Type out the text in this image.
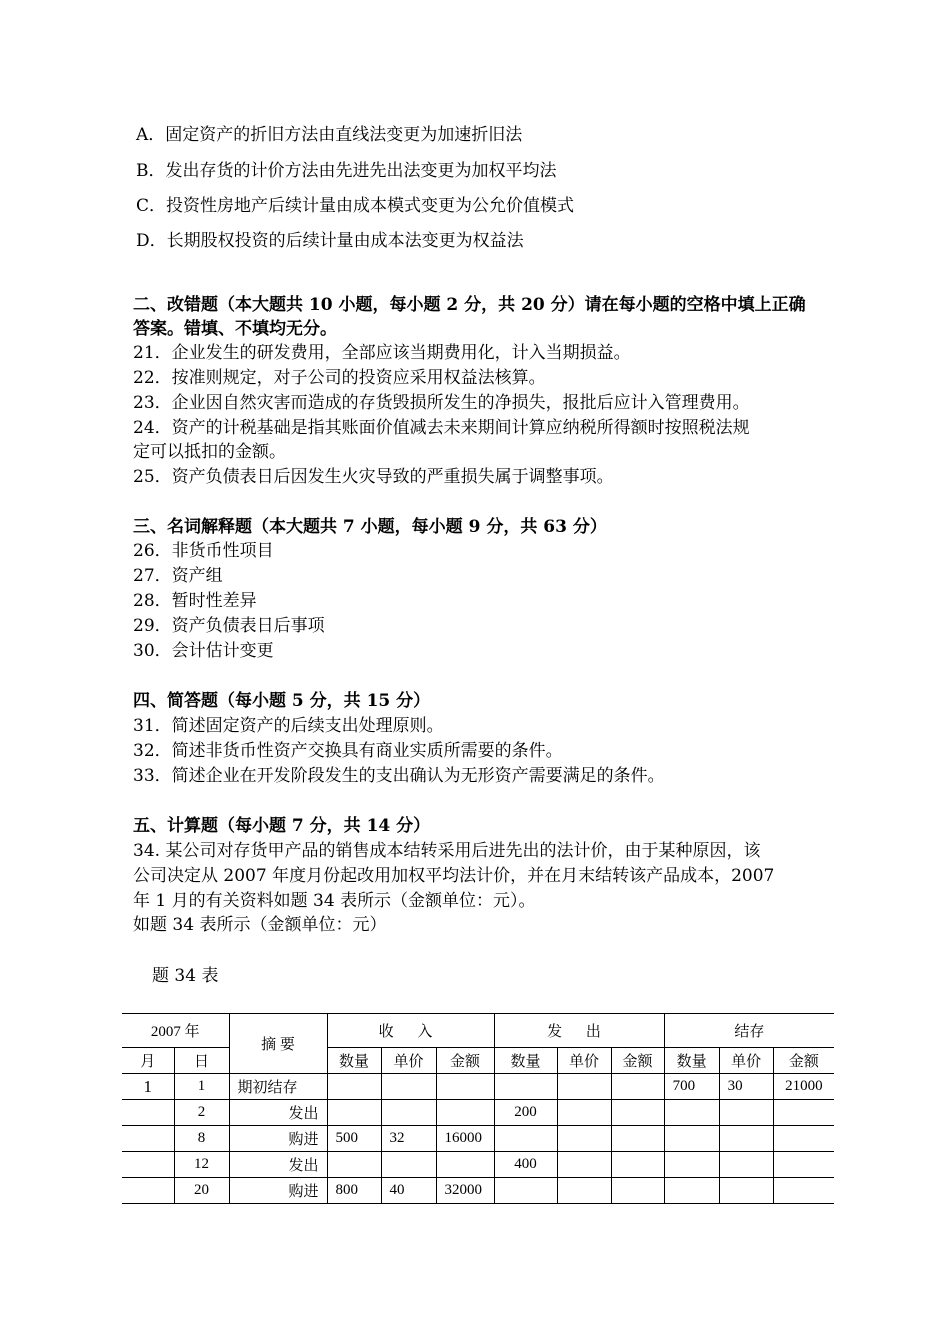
A．固定资产的折旧方法由直线法变更为加速折旧法
B．发出存货的计价方法由先进先出法变更为加权平均法
C．投资性房地产后续计量由成本模式变更为公允价值模式
D．长期股权投资的后续计量由成本法变更为权益法
二、改错题（本大题共 10 小题，每小题 2 分，共 20 分）请在每小题的空格中填上正确
答案。错填、不填均无分。
21．企业发生的研发费用，全部应该当期费用化，计入当期损益。
22．按准则规定，对子公司的投资应采用权益法核算。
23．企业因自然灾害而造成的存货毁损所发生的净损失，报批后应计入管理费用。
24．资产的计税基础是指其账面价值减去未来期间计算应纳税所得额时按照税法规
定可以抵扣的金额。
25．资产负债表日后因发生火灾导致的严重损失属于调整事项。
三、名词解释题（本大题共 7 小题，每小题 9 分，共 63 分）
26．非货币性项目
27．资产组
28．暂时性差异
29．资产负债表日后事项
30．会计估计变更
四、简答题（每小题 5 分，共 15 分）
31．简述固定资产的后续支出处理原则。
32．简述非货币性资产交换具有商业实质所需要的条件。
33．简述企业在开发阶段发生的支出确认为无形资产需要满足的条件。
五、计算题（每小题 7 分，共 14 分）
34. 某公司对存货甲产品的销售成本结转采用后进先出的法计价，由于某种原因，该
公司决定从 2007 年度月份起改用加权平均法计价，并在月末结转该产品成本，2007
年 1 月的有关资料如题 34 表所示（金额单位：元）。
如题 34 表所示（金额单位：元）
题 34 表
2007 年		摘 要	收 入			发 出			结存		
月	日		数量	单价	金额	数量	单价	金额	数量	单价	金额
1	1	期初结存							700	30	21000
	2	发出				200					
	8	购进	500	32	16000						
	12	发出				400					
	20	购进	800	40	32000						
